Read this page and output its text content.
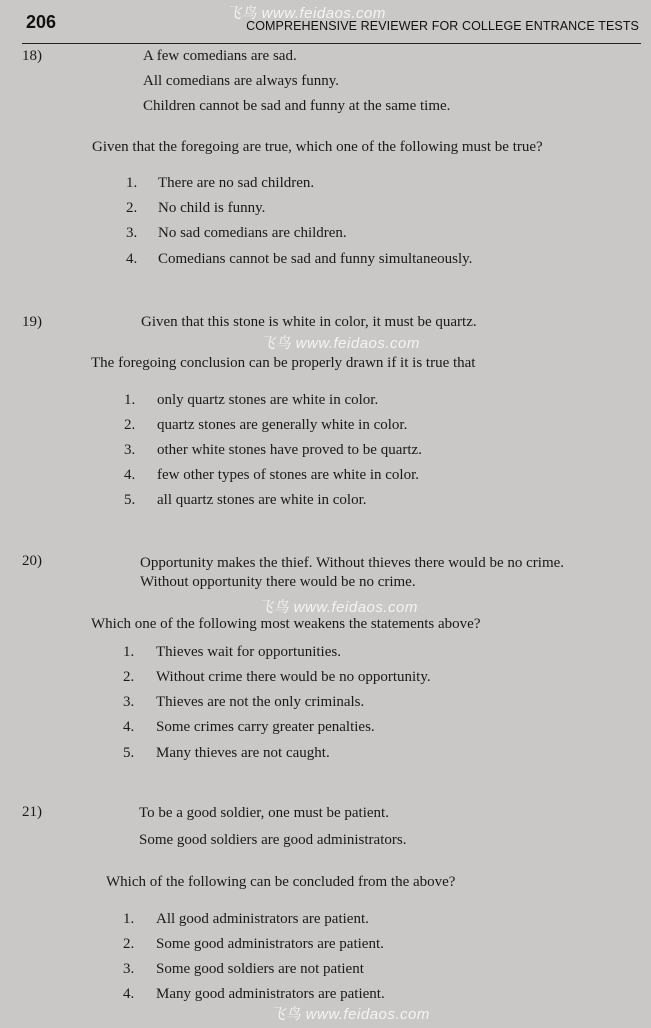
206	COMPREHENSIVE REVIEWER FOR COLLEGE ENTRANCE TESTS
飞鸟 www.feidaos.com
飞鸟 www.feidaos.com
飞鸟 www.feidaos.com
飞鸟 www.feidaos.com
18)	A few comedians are sad.
All comedians are always funny.
Children cannot be sad and funny at the same time.
Given that the foregoing are true, which one of the following must be true?
1. There are no sad children.
2. No child is funny.
3. No sad comedians are children.
4. Comedians cannot be sad and funny simultaneously.
19)	Given that this stone is white in color, it must be quartz.
The foregoing conclusion can be properly drawn if it is true that
1. only quartz stones are white in color.
2. quartz stones are generally white in color.
3. other white stones have proved to be quartz.
4. few other types of stones are white in color.
5. all quartz stones are white in color.
20)	Opportunity makes the thief. Without thieves there would be no crime.
Without opportunity there would be no crime.
Which one of the following most weakens the statements above?
1. Thieves wait for opportunities.
2. Without crime there would be no opportunity.
3. Thieves are not the only criminals.
4. Some crimes carry greater penalties.
5. Many thieves are not caught.
21)	To be a good soldier, one must be patient.
Some good soldiers are good administrators.
Which of the following can be concluded from the above?
1. All good administrators are patient.
2. Some good administrators are patient.
3. Some good soldiers are not patient
4. Many good administrators are patient.
